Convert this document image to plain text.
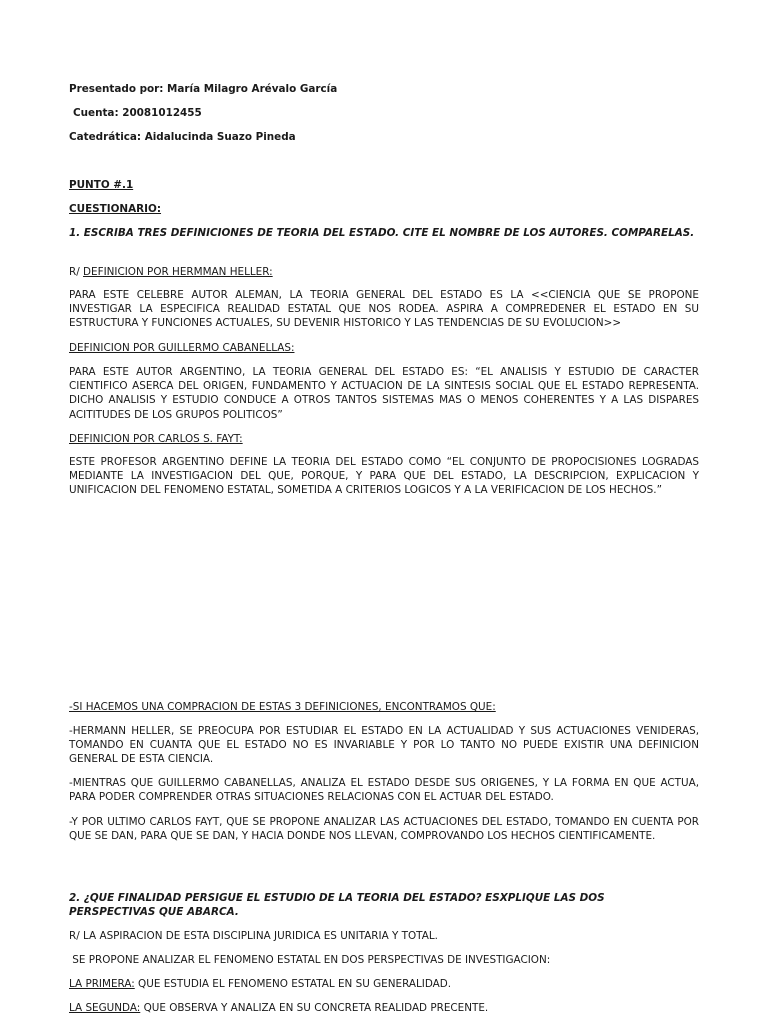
Presentado por: María Milagro Arévalo García
Cuenta: 20081012455
Catedrática: Aidalucinda Suazo Pineda
PUNTO #.1
CUESTIONARIO:
1. ESCRIBA TRES DEFINICIONES DE TEORIA DEL ESTADO. CITE EL NOMBRE DE LOS AUTORES. COMPARELAS.
R/ DEFINICION POR HERMMAN HELLER:
PARA ESTE CELEBRE AUTOR ALEMAN, LA TEORIA GENERAL DEL ESTADO ES LA <<CIENCIA QUE SE PROPONE INVESTIGAR LA ESPECIFICA REALIDAD ESTATAL QUE NOS RODEA. ASPIRA A COMPREDENER EL ESTADO EN SU ESTRUCTURA Y FUNCIONES ACTUALES, SU DEVENIR HISTORICO Y LAS TENDENCIAS DE SU EVOLUCION>>
DEFINICION POR GUILLERMO CABANELLAS:
PARA ESTE AUTOR ARGENTINO, LA TEORIA GENERAL DEL ESTADO ES: “EL ANALISIS Y ESTUDIO DE CARACTER CIENTIFICO ASERCA DEL ORIGEN, FUNDAMENTO Y ACTUACION DE LA SINTESIS SOCIAL QUE EL ESTADO REPRESENTA. DICHO ANALISIS Y ESTUDIO CONDUCE A OTROS TANTOS SISTEMAS MAS O MENOS COHERENTES Y A LAS DISPARES ACITITUDES DE LOS GRUPOS POLITICOS”
DEFINICION POR CARLOS S. FAYT:
ESTE PROFESOR ARGENTINO DEFINE LA TEORIA DEL ESTADO COMO “EL CONJUNTO DE PROPOCISIONES LOGRADAS MEDIANTE LA INVESTIGACION DEL QUE, PORQUE, Y PARA QUE DEL ESTADO, LA DESCRIPCION, EXPLICACION Y UNIFICACION DEL FENOMENO ESTATAL, SOMETIDA A CRITERIOS LOGICOS Y A LA VERIFICACION DE LOS HECHOS.”
-SI HACEMOS UNA COMPRACION DE ESTAS 3 DEFINICIONES, ENCONTRAMOS QUE:
-HERMANN HELLER, SE PREOCUPA POR ESTUDIAR EL ESTADO EN LA ACTUALIDAD Y SUS ACTUACIONES VENIDERAS, TOMANDO EN CUANTA QUE EL ESTADO NO ES INVARIABLE Y POR LO TANTO NO PUEDE EXISTIR UNA DEFINICION GENERAL DE ESTA CIENCIA.
-MIENTRAS QUE GUILLERMO CABANELLAS, ANALIZA EL ESTADO DESDE SUS ORIGENES, Y LA FORMA EN QUE ACTUA, PARA PODER COMPRENDER OTRAS SITUACIONES RELACIONAS CON EL ACTUAR DEL ESTADO.
-Y POR ULTIMO CARLOS FAYT, QUE SE PROPONE ANALIZAR LAS ACTUACIONES DEL ESTADO, TOMANDO EN CUENTA POR QUE SE DAN, PARA QUE SE DAN, Y HACIA DONDE NOS LLEVAN, COMPROVANDO LOS HECHOS CIENTIFICAMENTE.
2. ¿QUE FINALIDAD PERSIGUE EL ESTUDIO DE LA TEORIA DEL ESTADO? ESXPLIQUE LAS DOS PERSPECTIVAS QUE ABARCA.
R/ LA ASPIRACION DE ESTA DISCIPLINA JURIDICA ES UNITARIA Y TOTAL.
SE PROPONE ANALIZAR EL FENOMENO ESTATAL EN DOS PERSPECTIVAS DE INVESTIGACION:
LA PRIMERA: QUE ESTUDIA EL FENOMENO ESTATAL EN SU GENERALIDAD.
LA SEGUNDA: QUE OBSERVA Y ANALIZA EN SU CONCRETA REALIDAD PRECENTE.
